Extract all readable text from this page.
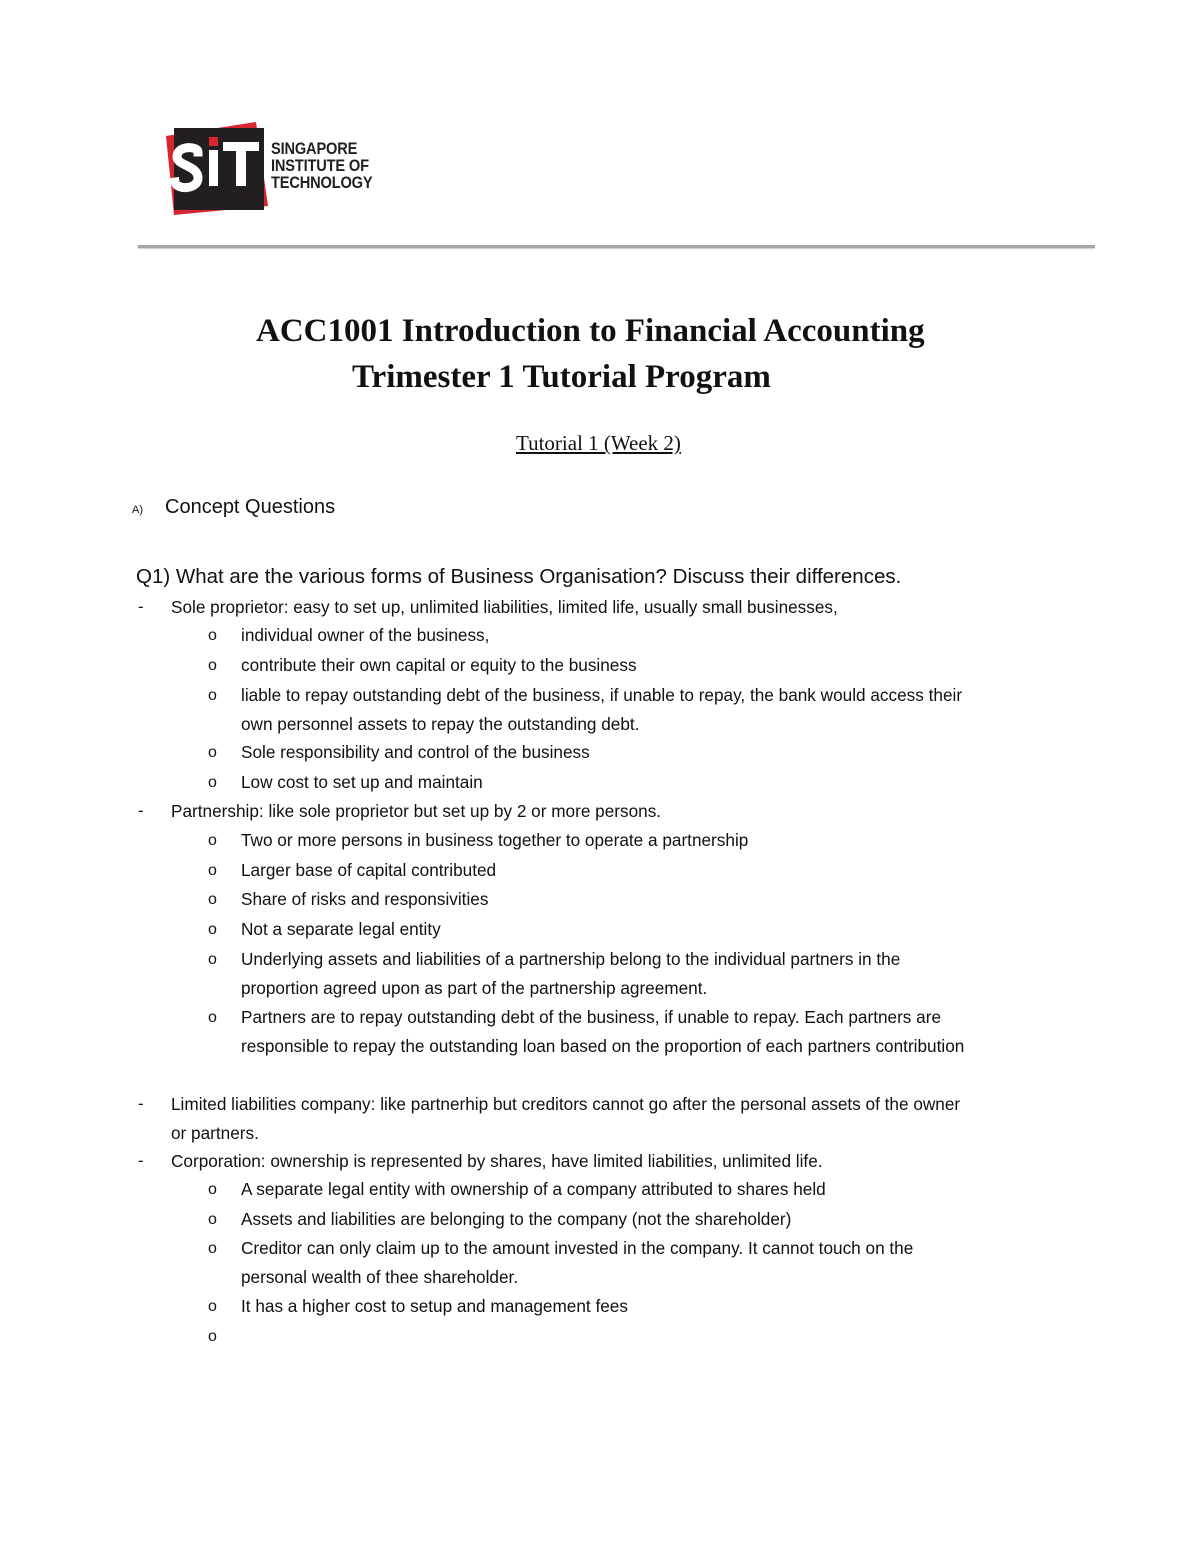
SINGAPORE
INSTITUTE OF
TECHNOLOGY
ACC1001 Introduction to Financial Accounting
Trimester 1 Tutorial Program
Tutorial 1 (Week 2)
A) Concept Questions
Q1) What are the various forms of Business Organisation? Discuss their differences.
- Sole proprietor: easy to set up, unlimited liabilities, limited life, usually small businesses,
o individual owner of the business,
o contribute their own capital or equity to the business
o liable to repay outstanding debt of the business, if unable to repay, the bank would access their
own personnel assets to repay the outstanding debt.
o Sole responsibility and control of the business
o Low cost to set up and maintain
- Partnership: like sole proprietor but set up by 2 or more persons.
o Two or more persons in business together to operate a partnership
o Larger base of capital contributed
o Share of risks and responsivities
o Not a separate legal entity
o Underlying assets and liabilities of a partnership belong to the individual partners in the
proportion agreed upon as part of the partnership agreement.
o Partners are to repay outstanding debt of the business, if unable to repay. Each partners are
responsible to repay the outstanding loan based on the proportion of each partners contribution
- Limited liabilities company: like partnerhip but creditors cannot go after the personal assets of the owner
or partners.
- Corporation: ownership is represented by shares, have limited liabilities, unlimited life.
o A separate legal entity with ownership of a company attributed to shares held
o Assets and liabilities are belonging to the company (not the shareholder)
o Creditor can only claim up to the amount invested in the company. It cannot touch on the
personal wealth of thee shareholder.
o It has a higher cost to setup and management fees
o
